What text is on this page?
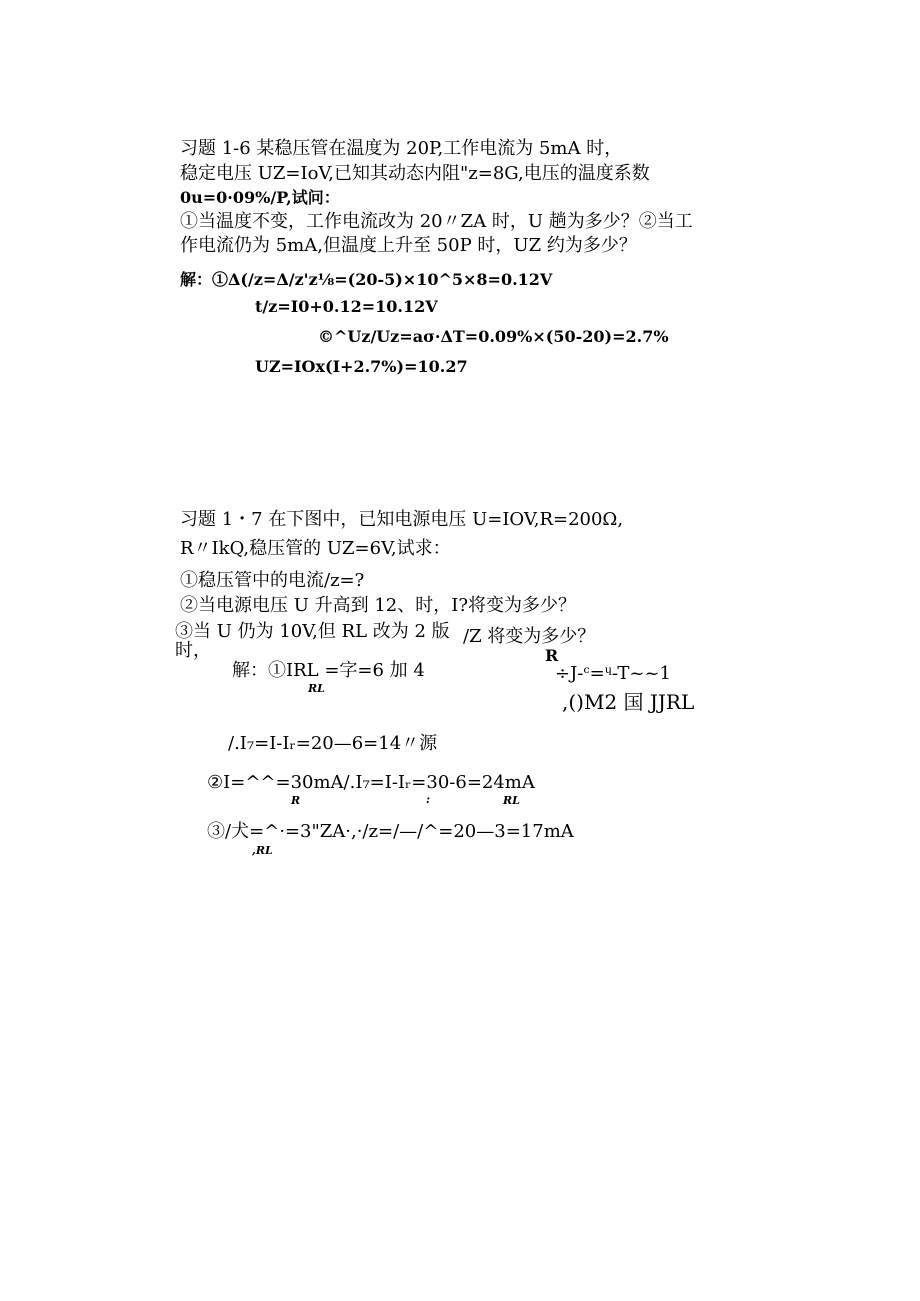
习题 1-6 某稳压管在温度为 20P,工作电流为 5mA 时，
稳定电压 UZ=IoV,已知其动态内阻"z=8G,电压的温度系数
0u=0·09%/P,试问：
①当温度不变，工作电流改为 20〃ZA 时，U 趟为多少？②当工
作电流仍为 5mA,但温度上升至 50P 时，UZ 约为多少？
解：①Δ(/z=Δ/z'z⅛=(20-5)×10^5×8=0.12V
t/z=I0+0.12=10.12V
©^Uz/Uz=aσ·ΔT=0.09%×(50-20)=2.7%
UZ=IOx(I+2.7%)=10.27
习题 1・7 在下图中，已知电源电压 U=IOV,R=200Ω,
R〃IkQ,稳压管的 UZ=6V,试求：
①稳压管中的电流/z=?
②当电源电压 U 升高到 12、时，I?将变为多少？
③当 U 仍为 10V,但 RL 改为 2 版 /Z 将变为多少？
时，	R
解：①IRL =字=6 加 4
RL
÷J-ᶜ=ᶣ-T~~1
,()M2 国 JJRL
/.I₇=I-Iᵣ=20—6=14〃源
②I=^^=30mA/.I₇=I-Iᵣ=30-6=24mA
R	:	RL
③/犬=^·=3"ZA·,·/z=/—/^=20—3=17mA
,RL
